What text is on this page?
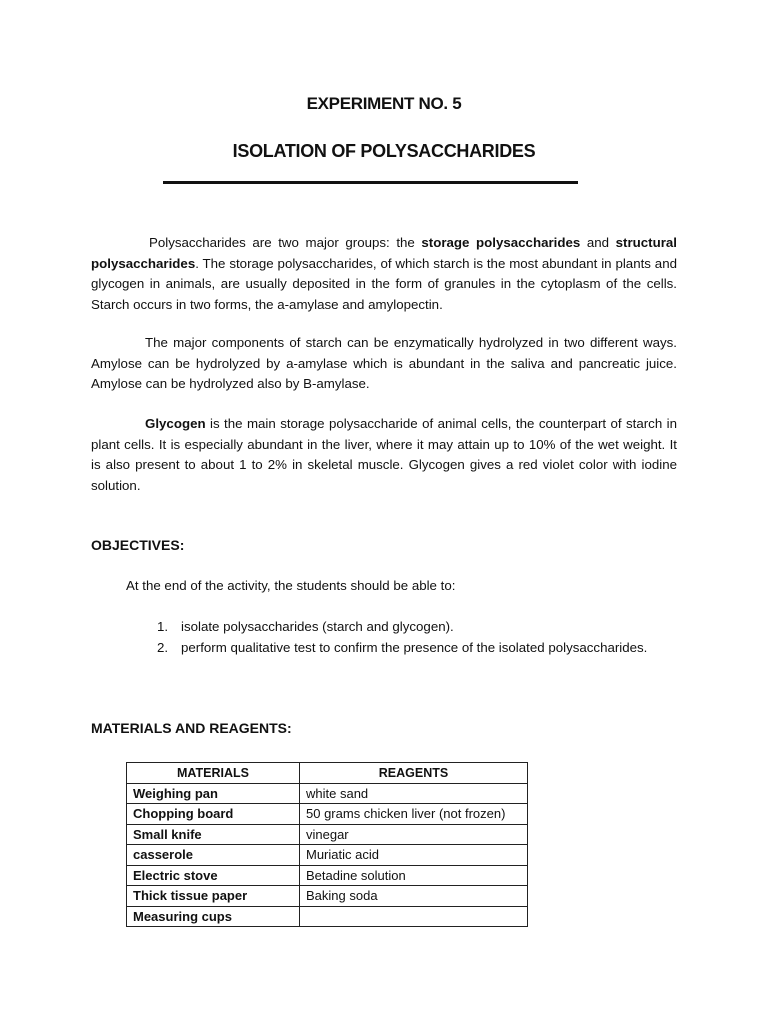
EXPERIMENT NO. 5
ISOLATION OF POLYSACCHARIDES

Polysaccharides are two major groups: the storage polysaccharides and structural polysaccharides. The storage polysaccharides, of which starch is the most abundant in plants and glycogen in animals, are usually deposited in the form of granules in the cytoplasm of the cells. Starch occurs in two forms, the a-amylase and amylopectin.

The major components of starch can be enzymatically hydrolyzed in two different ways. Amylose can be hydrolyzed by a-amylase which is abundant in the saliva and pancreatic juice. Amylose can be hydrolyzed also by B-amylase.

Glycogen is the main storage polysaccharide of animal cells, the counterpart of starch in plant cells. It is especially abundant in the liver, where it may attain up to 10% of the wet weight. It is also present to about 1 to 2% in skeletal muscle. Glycogen gives a red violet color with iodine solution.

OBJECTIVES:
At the end of the activity, the students should be able to:
1. isolate polysaccharides (starch and glycogen).
2. perform qualitative test to confirm the presence of the isolated polysaccharides.
MATERIALS AND REAGENTS:
MATERIALS	REAGENTS
Weighing pan	white sand
Chopping board	50 grams chicken liver (not frozen)
Small knife	vinegar
casserole	Muriatic acid
Electric stove	Betadine solution
Thick tissue paper	Baking soda
Measuring cups	
